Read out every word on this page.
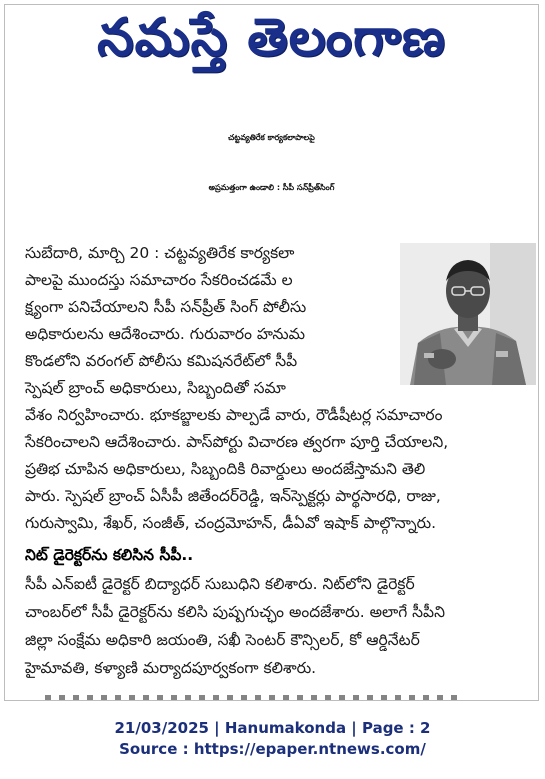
నమస్తే తెలంగాణ
చట్టవ్యతిరేక కార్యకలాపాలపై
అప్రమత్తంగా ఉండాలి : సీపీ సన్‌ప్రీత్‌సింగ్
సుబేదారి, మార్చి 20 : చట్టవ్యతిరేక కార్యకలా
పాలపై ముందస్తు సమాచారం సేకరించడమే ల
క్ష్యంగా పనిచేయాలని సీపీ సన్‌ప్రీత్ సింగ్ పోలీసు
అధికారులను ఆదేశించారు. గురువారం హనుమ
కొండలోని వరంగల్ పోలీసు కమిషనరేట్‌లో సీపీ
స్పెషల్ బ్రాంచ్ అధికారులు, సిబ్బందితో సమా
వేశం నిర్వహించారు. భూకబ్జాలకు పాల్పడే వారు, రౌడీషీటర్ల సమాచారం
సేకరించాలని ఆదేశించారు. పాస్‌పోర్టు విచారణ త్వరగా పూర్తి చేయాలని,
ప్రతిభ చూపిన అధికారులు, సిబ్బందికి రివార్డులు అందజేస్తామని తెలి
పారు. స్పెషల్ బ్రాంచ్ ఏసీపీ జితేందర్‌రెడ్డి, ఇన్‌స్పెక్టర్లు పార్థసారధి, రాజు,
గురుస్వామి, శేఖర్, సంజీత్, చంద్రమోహన్, డీఏవో ఇషాక్ పాల్గొన్నారు.
నిట్ డైరెక్టర్‌ను కలిసిన సీపీ..
సీపీ ఎన్ఐటీ డైరెక్టర్ బిద్యాధర్ సుబుధిని కలిశారు. నిట్‌లోని డైరెక్టర్
చాంబర్‌లో సీపీ డైరెక్టర్‌ను కలిసి పుష్పగుచ్ఛం అందజేశారు. అలాగే సీపీని
జిల్లా సంక్షేమ అధికారి జయంతి, సఖీ సెంటర్ కౌన్సిలర్, కో ఆర్డినేటర్
హైమావతి, కళ్యాణి మర్యాదపూర్వకంగా కలిశారు.
21/03/2025 | Hanumakonda | Page : 2
Source : https://epaper.ntnews.com/
